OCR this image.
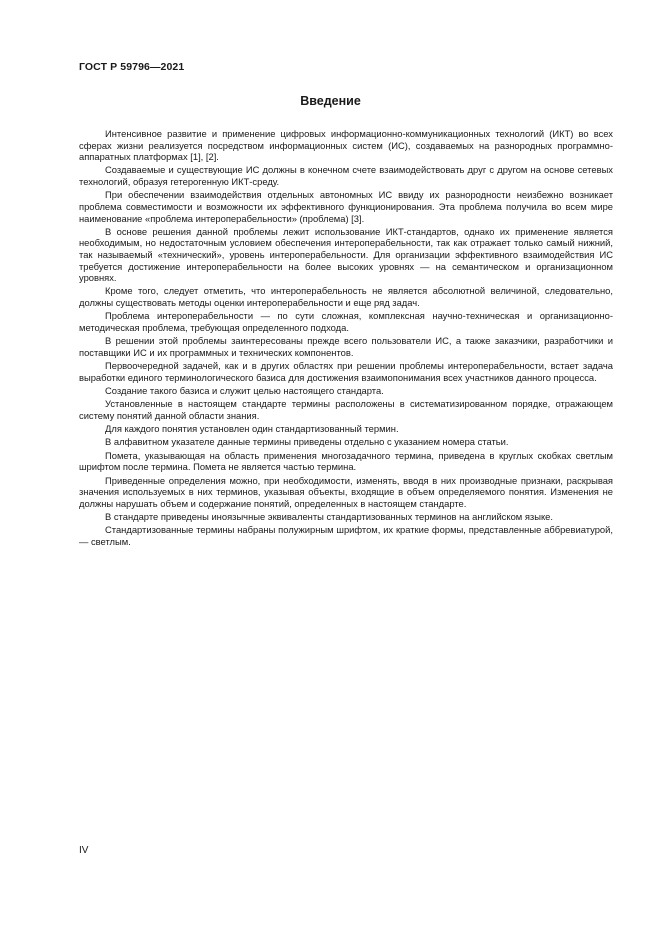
ГОСТ Р 59796—2021
Введение

Интенсивное развитие и применение цифровых информационно-коммуникационных технологий (ИКТ) во всех сферах жизни реализуется посредством информационных систем (ИС), создаваемых на разнородных программно-аппаратных платформах [1], [2].

Создаваемые и существующие ИС должны в конечном счете взаимодействовать друг с другом на основе сетевых технологий, образуя гетерогенную ИКТ-среду.

При обеспечении взаимодействия отдельных автономных ИС ввиду их разнородности неизбежно возникает проблема совместимости и возможности их эффективного функционирования. Эта проблема получила во всем мире наименование «проблема интероперабельности» (проблема) [3].

В основе решения данной проблемы лежит использование ИКТ-стандартов, однако их применение является необходимым, но недостаточным условием обеспечения интероперабельности, так как отражает только самый нижний, так называемый «технический», уровень интероперабельности. Для организации эффективного взаимодействия ИС требуется достижение интероперабельности на более высоких уровнях — на семантическом и организационном уровнях.

Кроме того, следует отметить, что интероперабельность не является абсолютной величиной, следовательно, должны существовать методы оценки интероперабельности и еще ряд задач.

Проблема интероперабельности — по сути сложная, комплексная научно-техническая и организационно-методическая проблема, требующая определенного подхода.

В решении этой проблемы заинтересованы прежде всего пользователи ИС, а также заказчики, разработчики и поставщики ИС и их программных и технических компонентов.

Первоочередной задачей, как и в других областях при решении проблемы интероперабельности, встает задача выработки единого терминологического базиса для достижения взаимопонимания всех участников данного процесса.

Создание такого базиса и служит целью настоящего стандарта.

Установленные в настоящем стандарте термины расположены в систематизированном порядке, отражающем систему понятий данной области знания.

Для каждого понятия установлен один стандартизованный термин.

В алфавитном указателе данные термины приведены отдельно с указанием номера статьи.

Помета, указывающая на область применения многозадачного термина, приведена в круглых скобках светлым шрифтом после термина. Помета не является частью термина.

Приведенные определения можно, при необходимости, изменять, вводя в них производные признаки, раскрывая значения используемых в них терминов, указывая объекты, входящие в объем определяемого понятия. Изменения не должны нарушать объем и содержание понятий, определенных в настоящем стандарте.

В стандарте приведены иноязычные эквиваленты стандартизованных терминов на английском языке.

Стандартизованные термины набраны полужирным шрифтом, их краткие формы, представленные аббревиатурой, — светлым.

IV
